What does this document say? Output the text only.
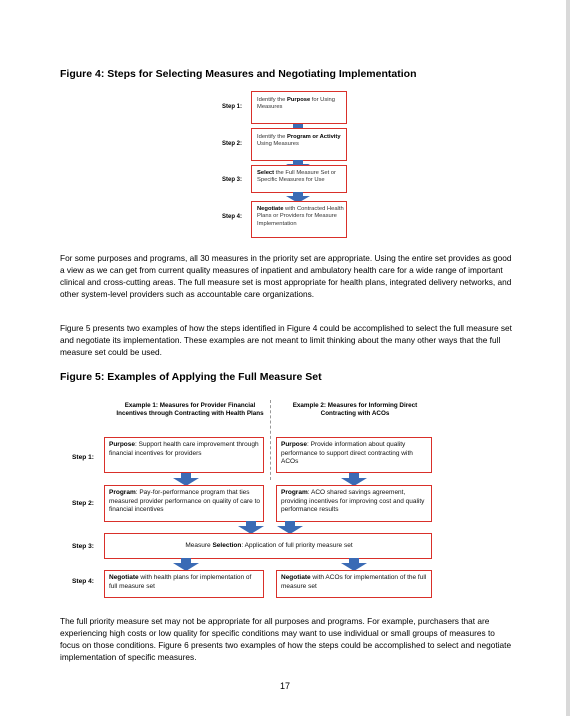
Figure 4: Steps for Selecting Measures and Negotiating Implementation
Step 1:
Identify the Purpose for Using Measures
Step 2:
Identify the Program or Activity Using Measures
Step 3:
Select the Full Measure Set or Specific Measures for Use
Step 4:
Negotiate with Contracted Health Plans or Providers for Measure Implementation

For some purposes and programs, all 30 measures in the priority set are appropriate. Using the entire set provides as good a view as we can get from current quality measures of inpatient and ambulatory health care for a wide range of important clinical and cross-cutting areas. The full measure set is most appropriate for health plans, integrated delivery networks, and other system-level providers such as accountable care organizations.

Figure 5 presents two examples of how the steps identified in Figure 4 could be accomplished to select the full measure set and negotiate its implementation. These examples are not meant to limit thinking about the many other ways that the full measure set could be used.

Figure 5: Examples of Applying the Full Measure Set
Example 1: Measures for Provider Financial Incentives through Contracting with Health Plans
Example 2: Measures for Informing Direct Contracting with ACOs
Step 1:
Purpose: Support health care improvement through financial incentives for providers
Purpose: Provide information about quality performance to support direct contracting with ACOs
Step 2:
Program: Pay-for-performance program that ties measured provider performance on quality of care to financial incentives
Program: ACO shared savings agreement, providing incentives for improving cost and quality performance results
Step 3:	Measure Selection: Application of full priority measure set
Step 4:
Negotiate with health plans for implementation of full measure set
Negotiate with ACOs for implementation of the full measure set

The full priority measure set may not be appropriate for all purposes and programs. For example, purchasers that are experiencing high costs or low quality for specific conditions may want to use individual or small groups of measures to focus on those conditions. Figure 6 presents two examples of how the steps could be accomplished to select and negotiate implementation of specific measures.

17
